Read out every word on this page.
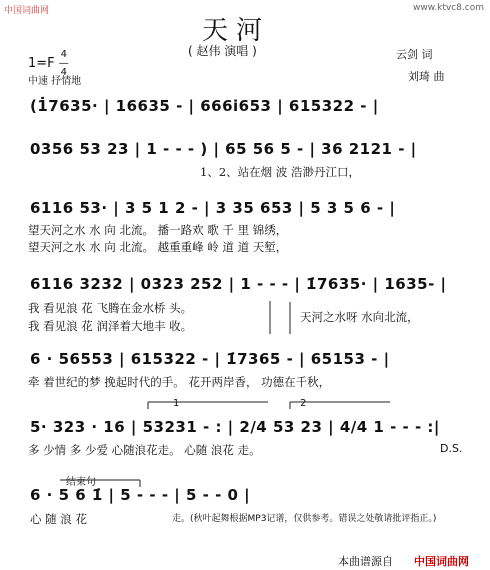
中国词曲网	www.ktvc8.com
天河
( 赵伟 演唱 )
1=F
4
—
4
中速 抒情地
云剑 词
刘琦 曲
(1̇7635· | 16635 - | 666i653 | 615322 - |
0356 53 23 | 1 - - - ) | 65 56 5 - | 36 2121 - |
1、2、站在烟 波 浩渺丹江口，
6116 53· | 3 5 1 2 - | 3 35 653 | 5 3 5 6 - |
望天河之水 水 向 北流。 播一路欢 歌 千 里 锦绣，
望天河之水 水 向 北流。 越重重峰 岭 道 道 天堑，
6116 3232 | 0323 252 | 1 - - - | 1̇7635· | 1635- |
我 看见浪 花 飞腾在金水桥 头。
我 看见浪 花 润泽着大地丰 收。
天河之水呀 水向北流，
6 · 56553 | 615322 - | 1̇7365 - | 65153 - |
牵 着世纪的梦 挽起时代的手。 花开两岸香， 功德在千秋，
1	2
5· 323 · 16 | 53231 - : | 2/4 53 23 | 4/4 1 - - - :|
多 少情 多 少爱 心随浪花走。 心随 浪花 走。	D.S.
结束句
6 · 5 6 1̇ | 5 - - - | 5 - - 0 |
心 随 浪 花	走。(秋叶起舞根据MP3记谱，仅供参考。错误之处敬请批评指正。)
本曲谱源自 中国词曲网
